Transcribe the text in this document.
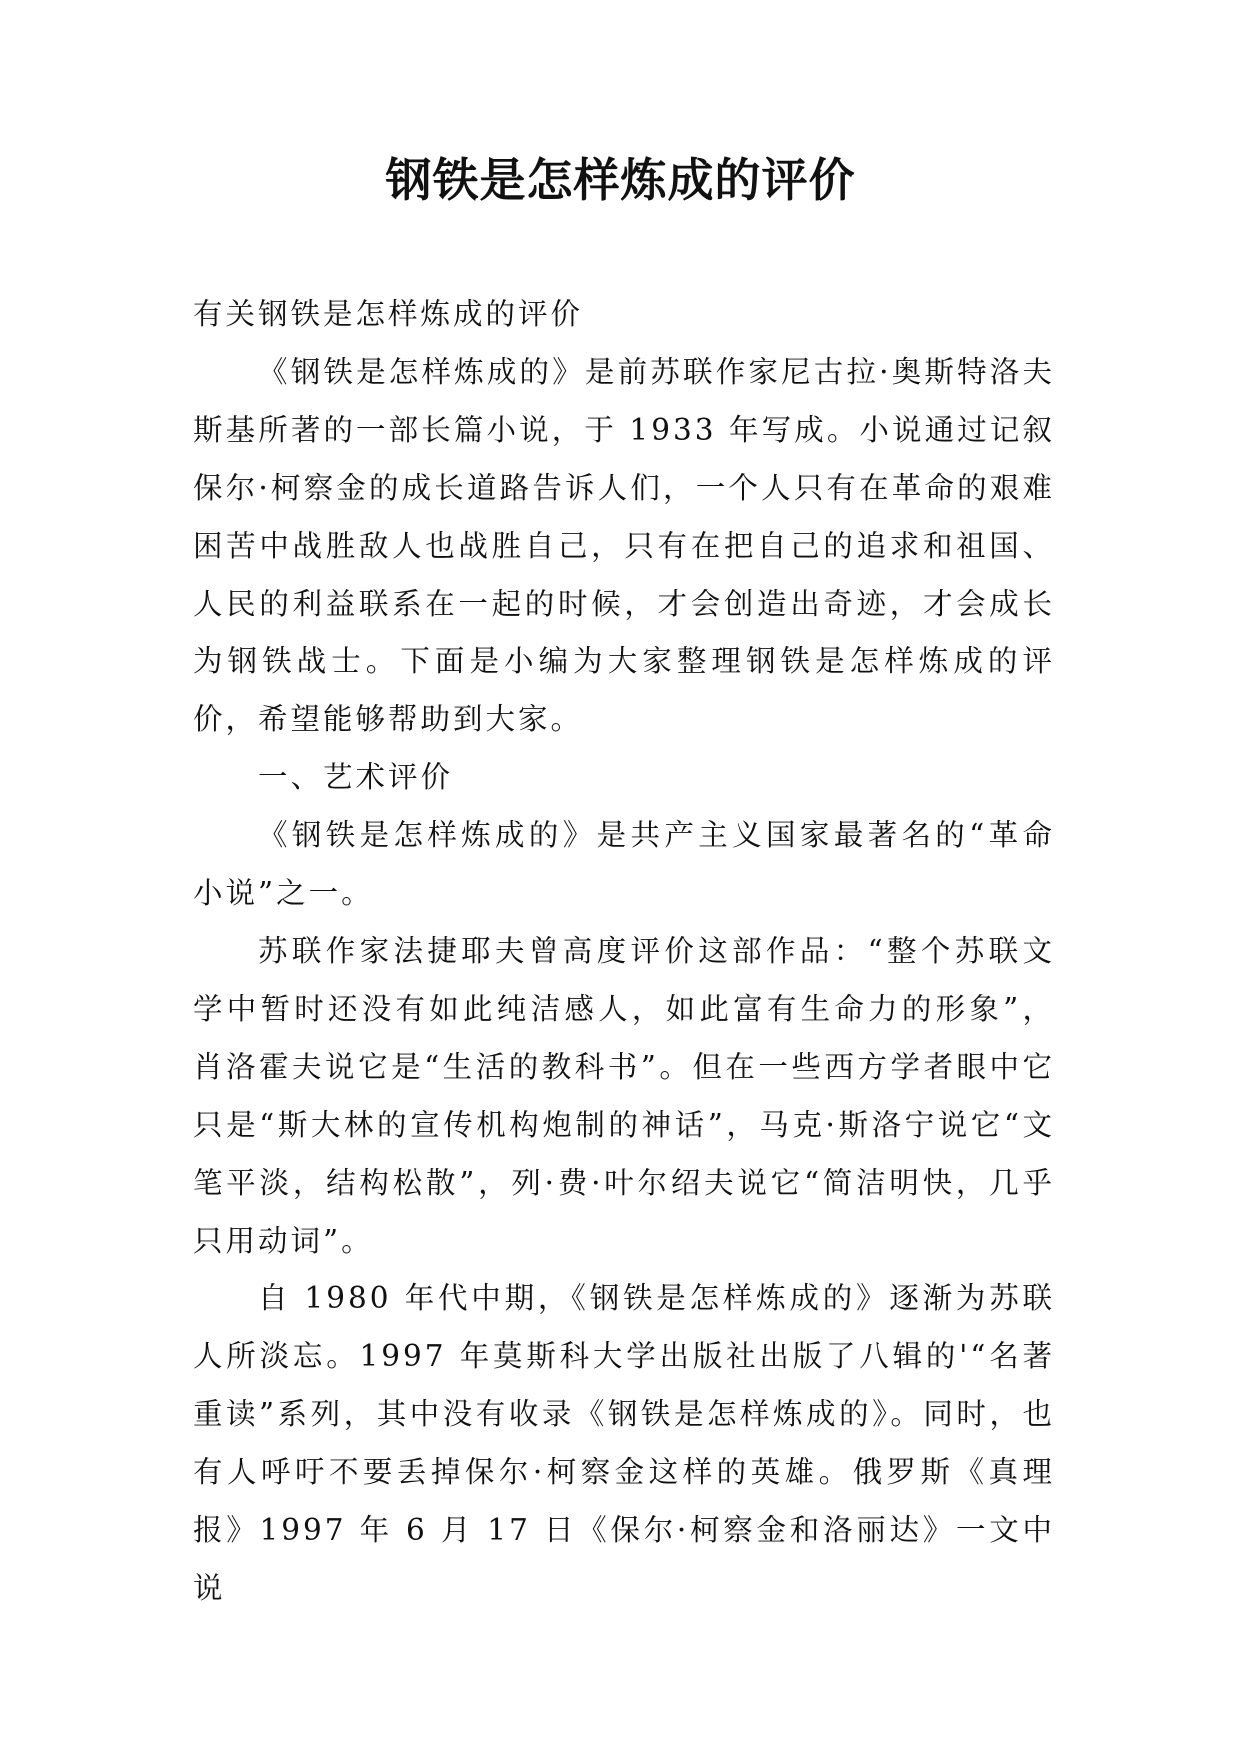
钢铁是怎样炼成的评价

有关钢铁是怎样炼成的评价

《钢铁是怎样炼成的》是前苏联作家尼古拉·奥斯特洛夫斯基所著的一部长篇小说，于 1933 年写成。小说通过记叙保尔·柯察金的成长道路告诉人们，一个人只有在革命的艰难困苦中战胜敌人也战胜自己，只有在把自己的追求和祖国、人民的利益联系在一起的时候，才会创造出奇迹，才会成长为钢铁战士。下面是小编为大家整理钢铁是怎样炼成的评价，希望能够帮助到大家。

一、艺术评价

《钢铁是怎样炼成的》是共产主义国家最著名的“革命小说”之一。

苏联作家法捷耶夫曾高度评价这部作品：“整个苏联文学中暂时还没有如此纯洁感人，如此富有生命力的形象”，肖洛霍夫说它是“生活的教科书”。但在一些西方学者眼中它只是“斯大林的宣传机构炮制的神话”，马克·斯洛宁说它“文笔平淡，结构松散”，列·费·叶尔绍夫说它“简洁明快，几乎只用动词”。

自 1980 年代中期，《钢铁是怎样炼成的》逐渐为苏联人所淡忘。1997 年莫斯科大学出版社出版了八辑的'“名著重读”系列，其中没有收录《钢铁是怎样炼成的》。同时，也有人呼吁不要丢掉保尔·柯察金这样的英雄。俄罗斯《真理报》1997 年 6 月 17 日《保尔·柯察金和洛丽达》一文中说
